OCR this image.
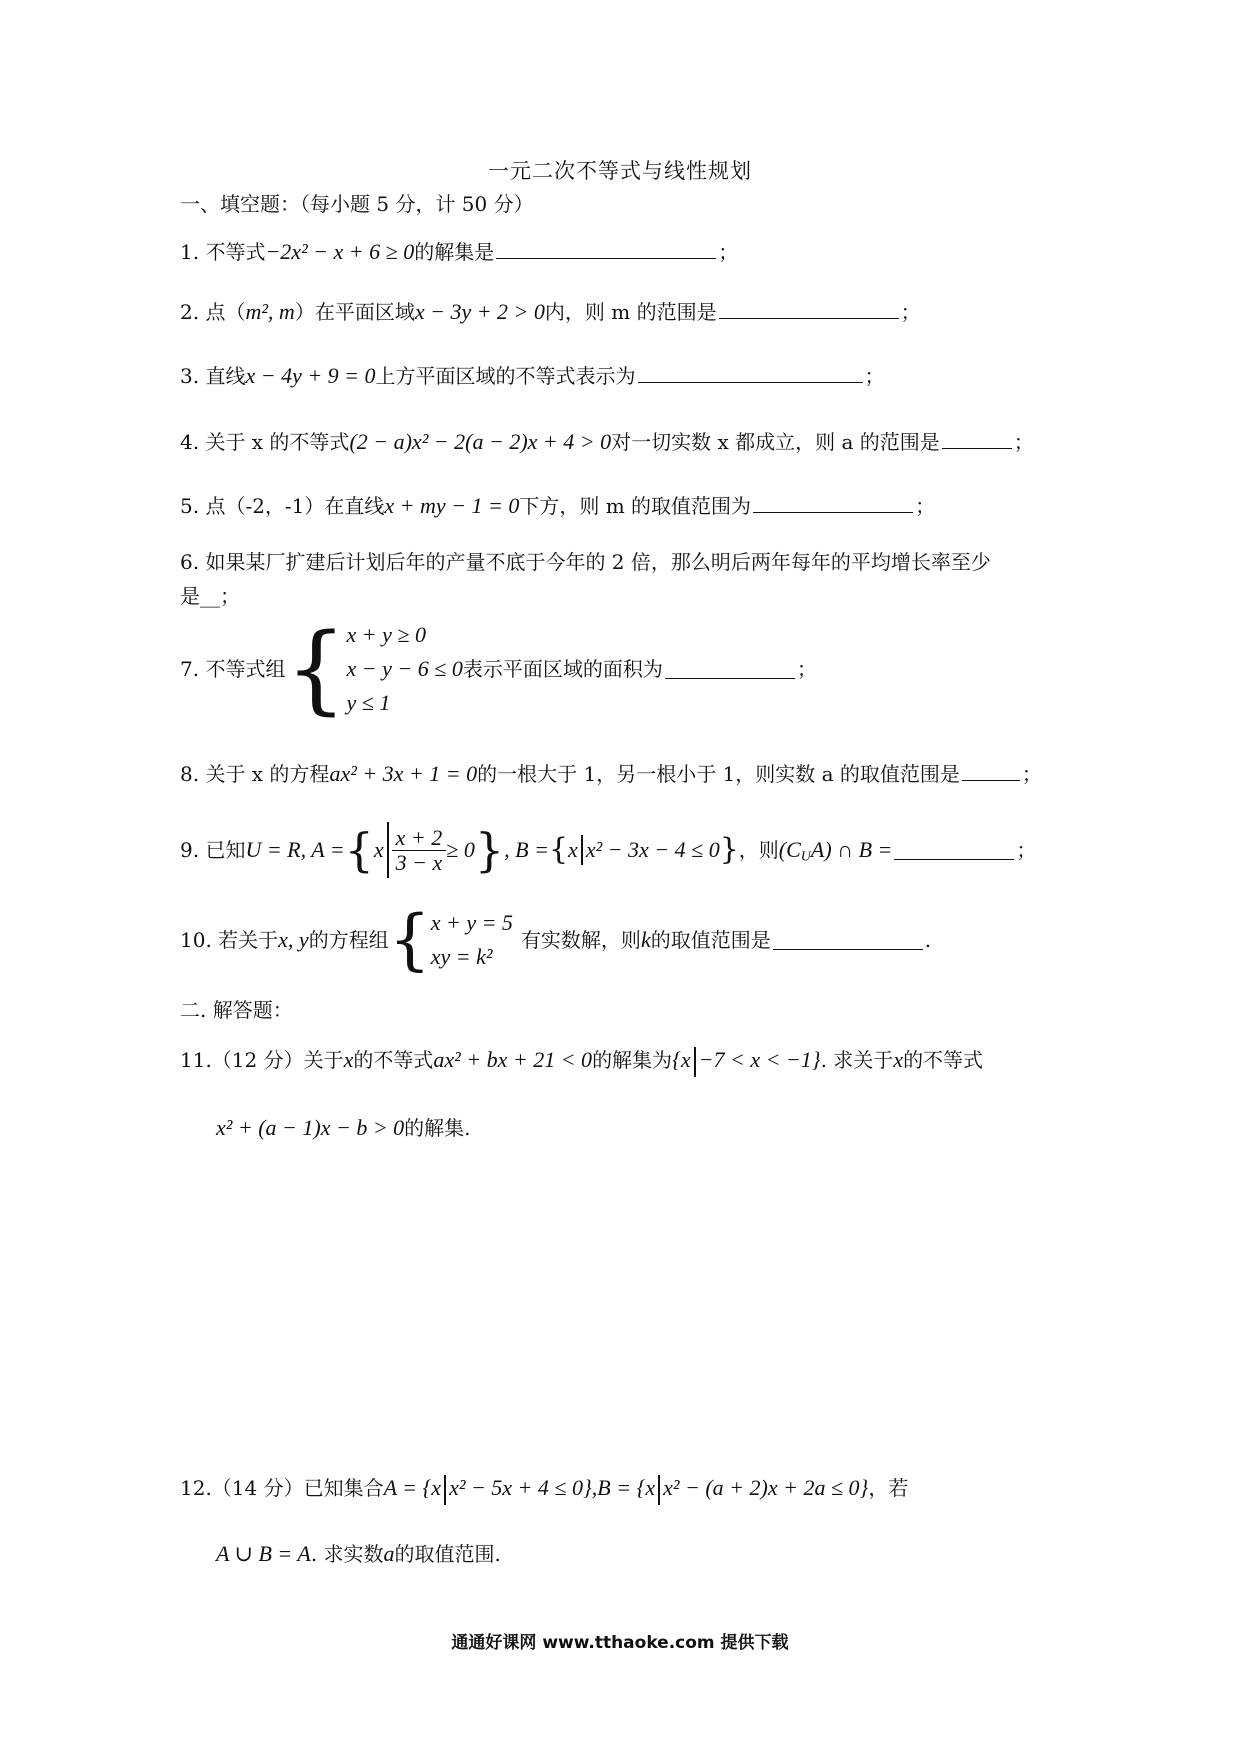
一元二次不等式与线性规划
一、填空题：（每小题 5 分，计 50 分）
1. 不等式−2x² − x + 6 ≥ 0的解集是	；
2. 点（m², m）在平面区域x − 3y + 2 > 0内，则 m 的范围是	；
3. 直线x − 4y + 9 = 0上方平面区域的不等式表示为	；
4. 关于 x 的不等式(2 − a)x² − 2(a − 2)x + 4 > 0对一切实数 x 都成立，则 a 的范围是	；
5. 点（-2，-1）在直线x + my − 1 = 0下方，则 m 的取值范围为	；
6. 如果某厂扩建后计划后年的产量不底于今年的 2 倍，那么明后两年每年的平均增长率至少
是__；
7. 不等式组{ x + y ≥ 0
x − y − 6 ≤ 0
y ≤ 1
表示平面区域的面积为	；
8. 关于 x 的方程ax² + 3x + 1 = 0的一根大于 1，另一根小于 1，则实数 a 的取值范围是	；
9. 已知U = R, $A =\{x \frac{x + 2}{3 - x} \ge 0\}$, B ={x x² − 3x − 4 ≤ 0}，则$(C_UA)$ ∩ B =	；
10. 若关于x, y的方程组{ x + y = 5
xy = k²
有实数解，则k的取值范围是	.
二. 解答题：
11.（12 分）关于x的不等式ax² + bx + 21 < 0的解集为{x −7 < x < −1}. 求关于x的不等式
x² + (a − 1)x − b > 0的解集.
12.（14 分）已知集合A = {x x² − 5x + 4 ≤ 0},B = {x x² − (a + 2)x + 2a ≤ 0}，若
A ∪ B = A. 求实数a的取值范围.
通通好课网 www.tthaoke.com 提供下载
